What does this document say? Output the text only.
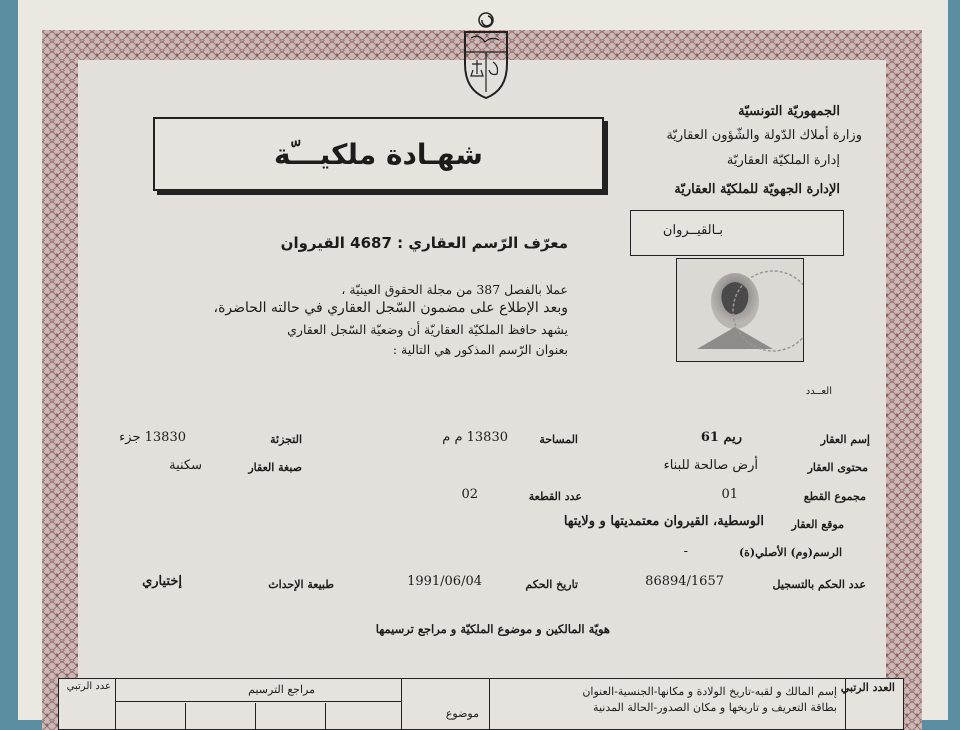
شهـادة ملكيـــّة
الجمهوريّة التونسيّة
وزارة أملاك الدّولة والشّؤون العقاريّة
إدارة الملكيّة العقاريّة
الإدارة الجهويّة للملكيّة العقاريّة
بـالقيــروان
العــدد
معرّف الرّسم العقاري : 4687 القيروان
عملا بالفصل 387 من مجلة الحقوق العينيّة ،
وبعد الإطلاع على مضمون السّجل العقاري في حالته الحاضرة،
يشهد حافظ الملكيّة العقاريّة أن وضعيّة السّجل العقاري
بعنوان الرّسم المذكور هي التالية :
إسم العقار
ريم 61
المساحة
13830 م م
التجزئة
13830 جزء
محتوى العقار
أرض صالحة للبناء
صبغة العقار
سكنية
مجموع القطع
01
عدد القطعة
02
موقع العقار
الوسطية، القيروان معتمديتها و ولايتها
الرسم(وم) الأصلي(ة)
-
عدد الحكم بالتسجيل
86894/1657
تاريخ الحكم
1991/06/04
طبيعة الإحداث
إختياري
هويّة المالكين و موضوع الملكيّة و مراجع ترسيمها
العدد الرتبي
إسم المالك و لقبه-تاريخ الولادة و مكانها-الجنسية-العنوان
بطاقة التعريف و تاريخها و مكان الصدور-الحالة المدنية
موضوع
مراجع الترسيم
عدد الرتبي
